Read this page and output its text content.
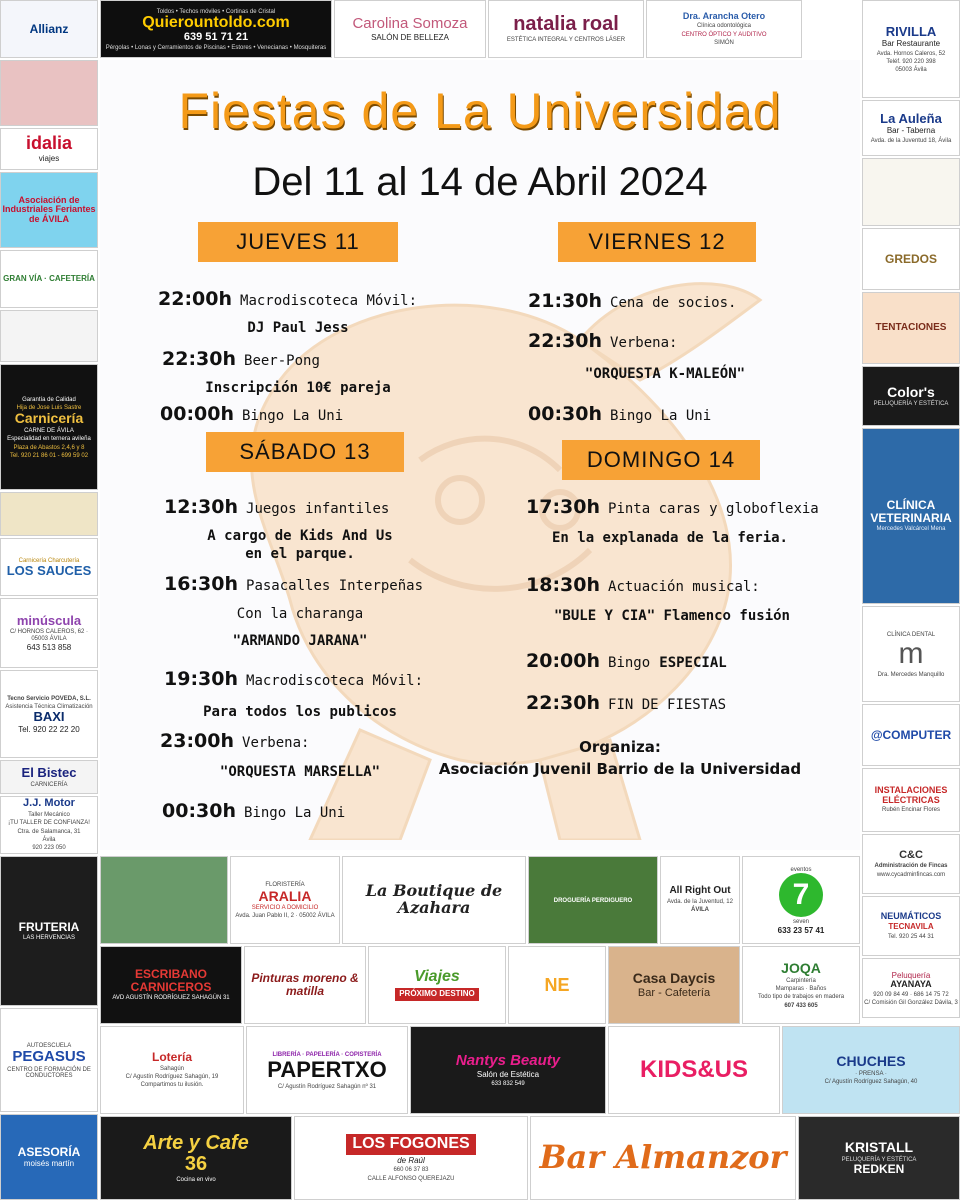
Fiestas de La Universidad
Del 11 al 14 de Abril 2024
JUEVES 11
22:00h Macrodiscoteca Móvil:
DJ Paul Jess
22:30h Beer-Pong
Inscripción 10€ pareja
00:00h Bingo La Uni
VIERNES 12
21:30h Cena de socios.
22:30h Verbena:
"ORQUESTA K-MALEÓN"
00:30h Bingo La Uni
SÁBADO 13
12:30h Juegos infantiles
A cargo de Kids And Us
en el parque.
16:30h Pasacalles Interpeñas
Con la charanga
"ARMANDO JARANA"
19:30h Macrodiscoteca Móvil:
Para todos los publicos
23:00h Verbena:
"ORQUESTA MARSELLA"
00:30h Bingo La Uni
DOMINGO 14
17:30h Pinta caras y globoflexia
En la explanada de la feria.
18:30h Actuación musical:
"BULE Y CIA" Flamenco fusión
20:00h Bingo ESPECIAL
22:30h FIN DE FIESTAS
Organiza:
Asociación Juvenil Barrio de la Universidad
Allianz
Toldos • Techos móviles • Cortinas de Cristal
Quierountoldo.com
639 51 71 21
Pérgolas • Lonas y Cerramientos de Piscinas • Estores • Venecianas • Mosquiteras
Carolina Somoza
SALÓN DE BELLEZA
natalia roal
ESTÉTICA INTEGRAL Y CENTROS LÁSER
Dra. Arancha Otero
Clínica odontológica
CENTRO ÓPTICO Y AUDITIVO
SIMÓN
idalia
viajes
Asociación de Industriales Feriantes de ÁVILA
GRAN VÍA · CAFETERÍA
Garantía de Calidad
Hija de Jose Luis Sastre
Carnicería
CARNE DE ÁVILA
Especialidad en ternera avileña
Plaza de Abastos 2,4,6 y 8
Tel. 920 21 86 01 - 699 59 02
Carnicería Charcutería
LOS SAUCES
minúscula
C/ HORNOS CALEROS, 62 · 05003 ÁVILA
643 513 858
Tecno Servicio POVEDA, S.L.
Asistencia Técnica Climatización
BAXI
Tel. 920 22 22 20
El Bistec
CARNICERÍA
J.J. Motor
Taller Mecánico
¡TU TALLER DE CONFIANZA!
Ctra. de Salamanca, 31
Ávila
920 223 050
FRUTERIA
LAS HERVENCIAS
AUTOESCUELA
PEGASUS
CENTRO DE FORMACIÓN DE CONDUCTORES
ASESORÍA
moisés martín
RIVILLA
Bar Restaurante
Avda. Hornos Caleros, 52
Teléf. 920 220 398
05003 Ávila
La Auleña
Bar - Taberna
Avda. de la Juventud 18, Ávila
GREDOS
TENTACIONES
Color's
PELUQUERÍA Y ESTÉTICA
CLÍNICA VETERINARIA
Mercedes Valcárcel Mena
CLÍNICA DENTAL
m
Dra. Mercedes Manquillo
@COMPUTER
INSTALACIONES ELÉCTRICAS
Rubén Encinar Flores
C&C
Administración de Fincas
www.cycadminfincas.com
NEUMÁTICOS
TECNAVILA
Tel. 920 25 44 31
Peluquería
AYANAYA
920 09 84 49 · 686 14 75 72
C/ Comisión Gil González Dávila, 3
FLORISTERÍA
ARALIA
SERVICIO A DOMICILIO
Avda. Juan Pablo II, 2 · 05002 ÁVILA
La Boutique de Azahara	DROGUERÍA PERDIGUERO
All Right Out
Avda. de la Juventud, 12
ÁVILA
eventos
7
seven
633 23 57 41
ESCRIBANO CARNICEROS
AVD AGUSTÍN RODRÍGUEZ SAHAGÚN 31
Pinturas moreno & matilla
Viajes
PRÓXIMO DESTINO	NE	Casa Daycis
Bar - Cafetería
JOQA
Carpintería
Mamparas · Baños
Todo tipo de trabajos en madera
607 433 605
Lotería
Sahagún
C/ Agustín Rodríguez Sahagún, 19
Compartimos tu ilusión.
LIBRERÍA · PAPELERÍA · COPISTERÍA
PAPERTXO
C/ Agustín Rodríguez Sahagún nº 31
Nantys Beauty
Salón de Estética
633 832 549
KIDS&US	CHUCHES
· PRENSA ·
C/ Agustín Rodríguez Sahagún, 40
Arte y Cafe
36
Cocina en vivo
LOS FOGONES
de Raúl
660 06 37 83
CALLE ALFONSO QUEREJAZU
Bar Almanzor	KRISTALL
PELUQUERÍA Y ESTÉTICA
REDKEN
